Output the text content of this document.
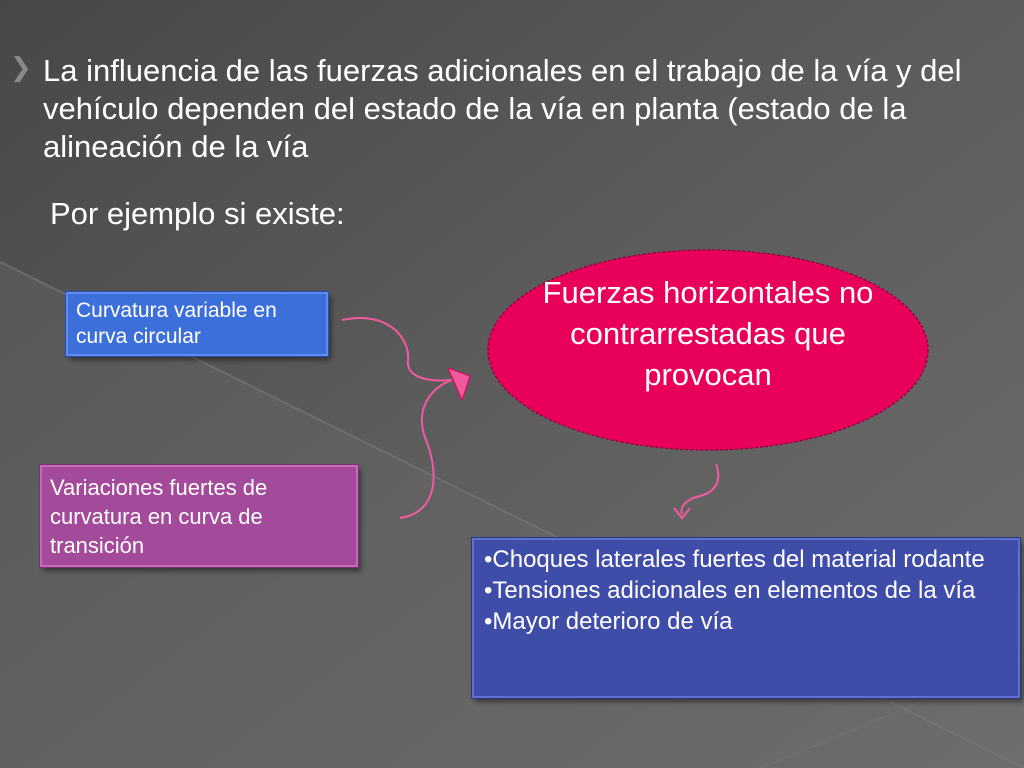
❯ La influencia de las fuerzas adicionales en el trabajo de la vía y del vehículo dependen del estado de la vía en planta (estado de la alineación de la vía

Por ejemplo si existe:

Curvatura variable en curva circular
Variaciones fuertes de curvatura en curva de transición
Fuerzas horizontales no contrarrestadas que provocan
•Choques laterales fuertes del material rodante
•Tensiones adicionales en elementos de la vía
•Mayor deterioro de vía
